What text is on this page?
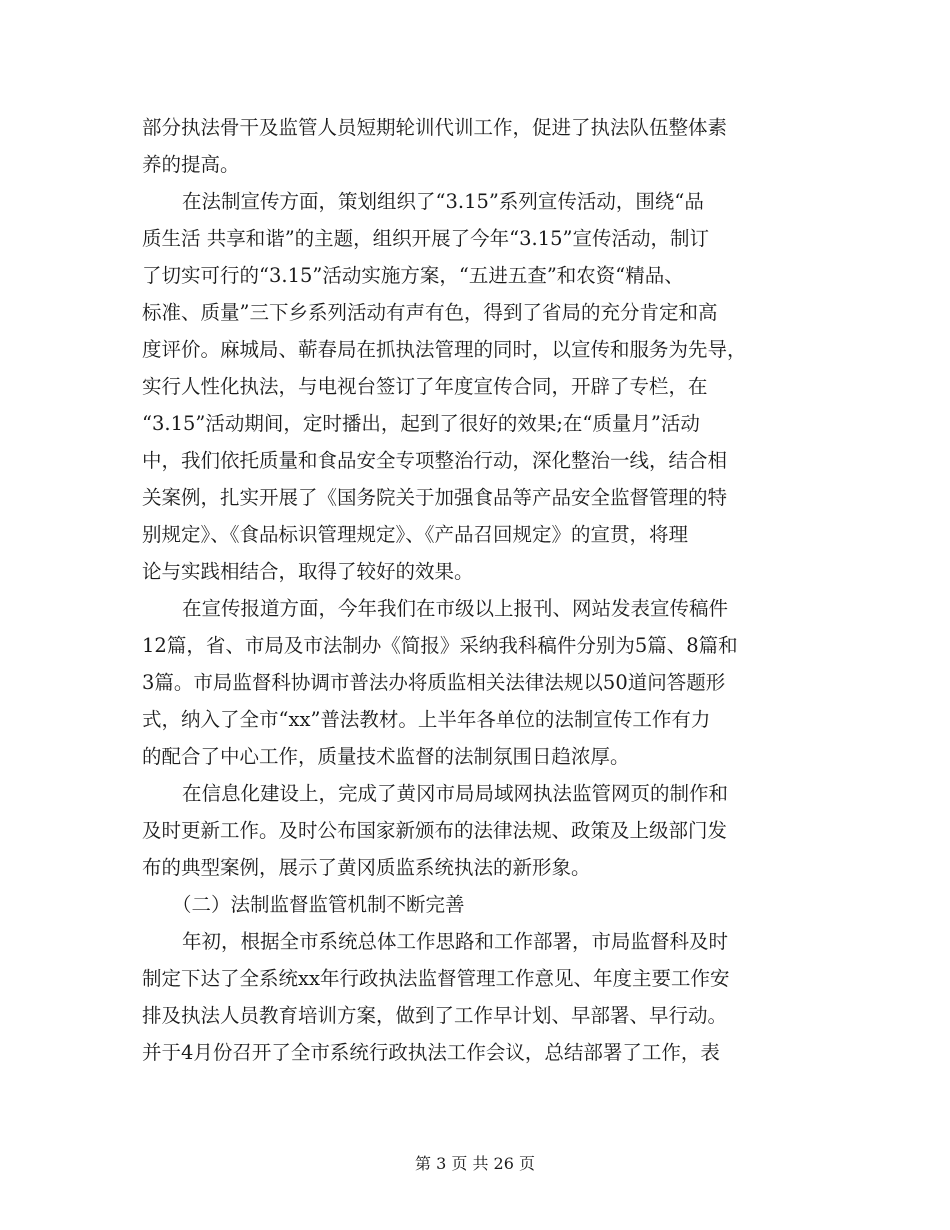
部分执法骨干及监管人员短期轮训代训工作，促进了执法队伍整体素
养的提高。
在法制宣传方面，策划组织了“3.15”系列宣传活动，围绕“品
质生活 共享和谐”的主题，组织开展了今年“3.15”宣传活动，制订
了切实可行的“3.15”活动实施方案，“五进五查”和农资“精品、
标准、质量”三下乡系列活动有声有色，得到了省局的充分肯定和高
度评价。麻城局、蕲春局在抓执法管理的同时，以宣传和服务为先导，
实行人性化执法，与电视台签订了年度宣传合同，开辟了专栏，在
“3.15”活动期间，定时播出，起到了很好的效果;在“质量月”活动
中，我们依托质量和食品安全专项整治行动，深化整治一线，结合相
关案例，扎实开展了《国务院关于加强食品等产品安全监督管理的特
别规定》、《食品标识管理规定》、《产品召回规定》的宣贯，将理
论与实践相结合，取得了较好的效果。
在宣传报道方面，今年我们在市级以上报刊、网站发表宣传稿件
12篇，省、市局及市法制办《简报》采纳我科稿件分别为5篇、8篇和
3篇。市局监督科协调市普法办将质监相关法律法规以50道问答题形
式，纳入了全市“xx”普法教材。上半年各单位的法制宣传工作有力
的配合了中心工作，质量技术监督的法制氛围日趋浓厚。
在信息化建设上，完成了黄冈市局局域网执法监管网页的制作和
及时更新工作。及时公布国家新颁布的法律法规、政策及上级部门发
布的典型案例，展示了黄冈质监系统执法的新形象。
（二）法制监督监管机制不断完善
年初，根据全市系统总体工作思路和工作部署，市局监督科及时
制定下达了全系统xx年行政执法监督管理工作意见、年度主要工作安
排及执法人员教育培训方案，做到了工作早计划、早部署、早行动。
并于4月份召开了全市系统行政执法工作会议，总结部署了工作，表
第 3 页 共 26 页
